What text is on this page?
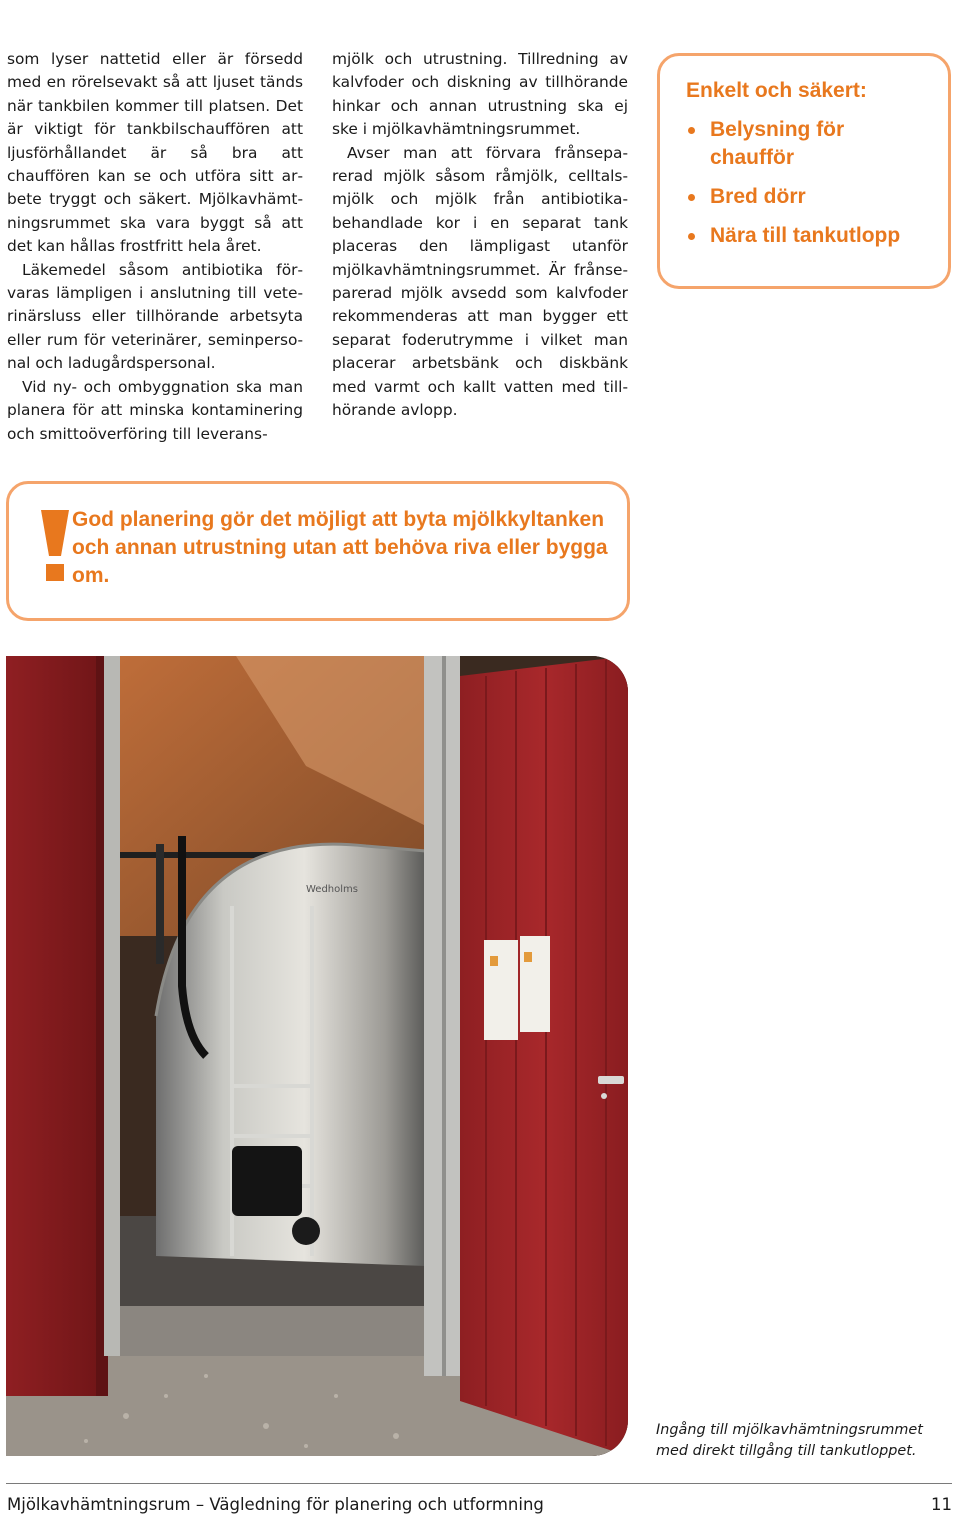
som lyser nattetid eller är försedd med en rörelsevakt så att ljuset tänds när tankbilen kommer till platsen. Det är viktigt för tankbilschauffören att ljusförhållandet är så bra att chauffören kan se och utföra sitt arbete tryggt och säkert. Mjölkavhämtningsrummet ska vara byggt så att det kan hållas frostfritt hela året.

Läkemedel såsom antibiotika förvaras lämpligen i anslutning till veterinärsluss eller tillhörande arbetsyta eller rum för veterinärer, seminpersonal och ladugårdspersonal.

Vid ny- och ombyggnation ska man planera för att minska kontaminering och smittoöverföring till leverans-

mjölk och utrustning. Tillredning av kalvfoder och diskning av tillhörande hinkar och annan utrustning ska ej ske i mjölkavhämtningsrummet.

Avser man att förvara frånseparerad mjölk såsom råmjölk, celltalsmjölk och mjölk från antibiotikabehandlade kor i en separat tank placeras den lämpligast utanför mjölkavhämtningsrummet. Är frånseparerad mjölk avsedd som kalvfoder rekommenderas att man bygger ett separat foderutrymme i vilket man placerar arbetsbänk och diskbänk med varmt och kallt vatten med tillhörande avlopp.

Enkelt och säkert:
Belysning för chaufför
Bred dörr
Nära till tankutlopp
God planering gör det möjligt att byta mjölkkyltanken och annan utrustning utan att behöva riva eller bygga om.
Wedholms

Ingång till mjölkavhämtningsrummet

med direkt tillgång till tankutloppet.

Mjölkavhämtningsrum – Vägledning för planering och utformning	11
